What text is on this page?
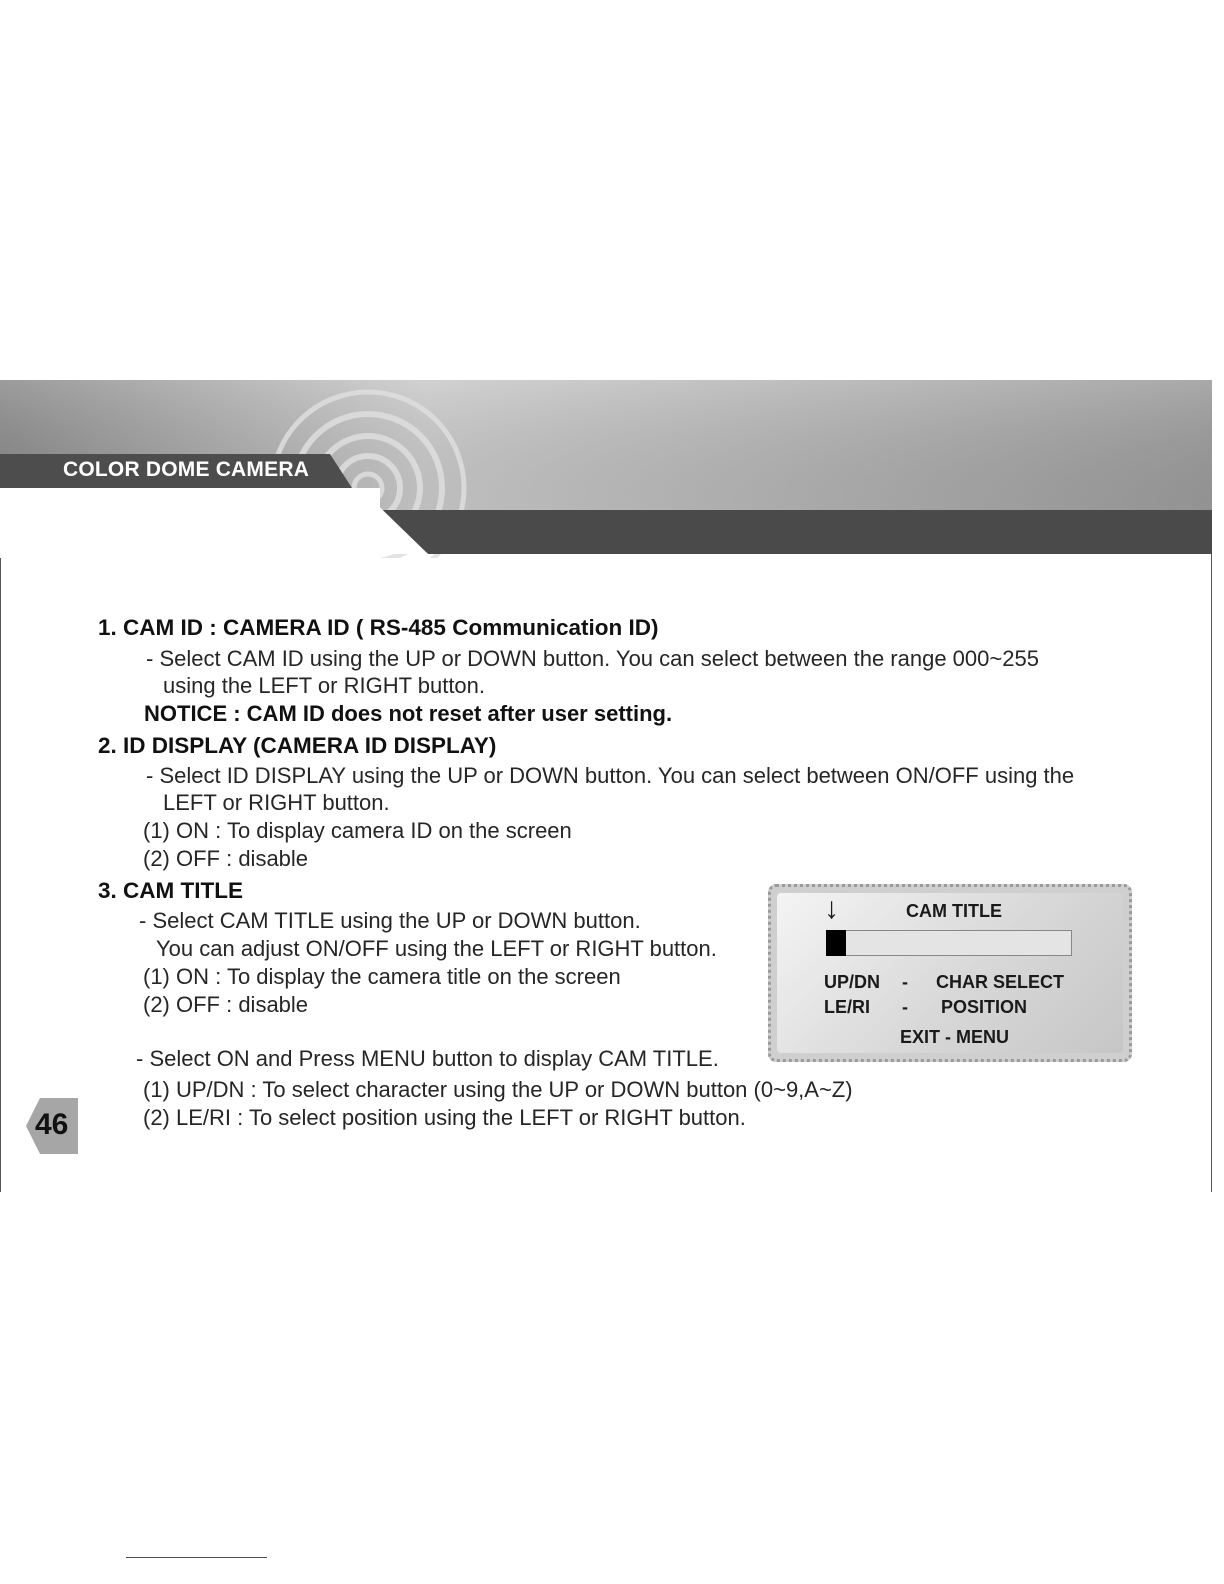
COLOR DOME CAMERA
1. CAM ID : CAMERA ID ( RS-485 Communication ID)
- Select CAM ID using the UP or DOWN button. You can select between the range 000~255
using the LEFT or RIGHT button.
NOTICE : CAM ID does not reset after user setting.
2. ID DISPLAY (CAMERA ID DISPLAY)
- Select ID DISPLAY using the UP or DOWN button. You can select between ON/OFF using the
LEFT or RIGHT button.
(1) ON : To display camera ID on the screen
(2) OFF : disable
3. CAM TITLE
- Select CAM TITLE using the UP or DOWN button.
You can adjust ON/OFF using the LEFT or RIGHT button.
(1) ON : To display the camera title on the screen
(2) OFF : disable
- Select ON and Press MENU button to display CAM TITLE.
(1) UP/DN : To select character using the UP or DOWN button (0~9,A~Z)
(2) LE/RI : To select position using the LEFT or RIGHT button.
↓	CAM TITLE
UP/DN - CHAR SELECT
LE/RI - POSITION
EXIT - MENU
46
